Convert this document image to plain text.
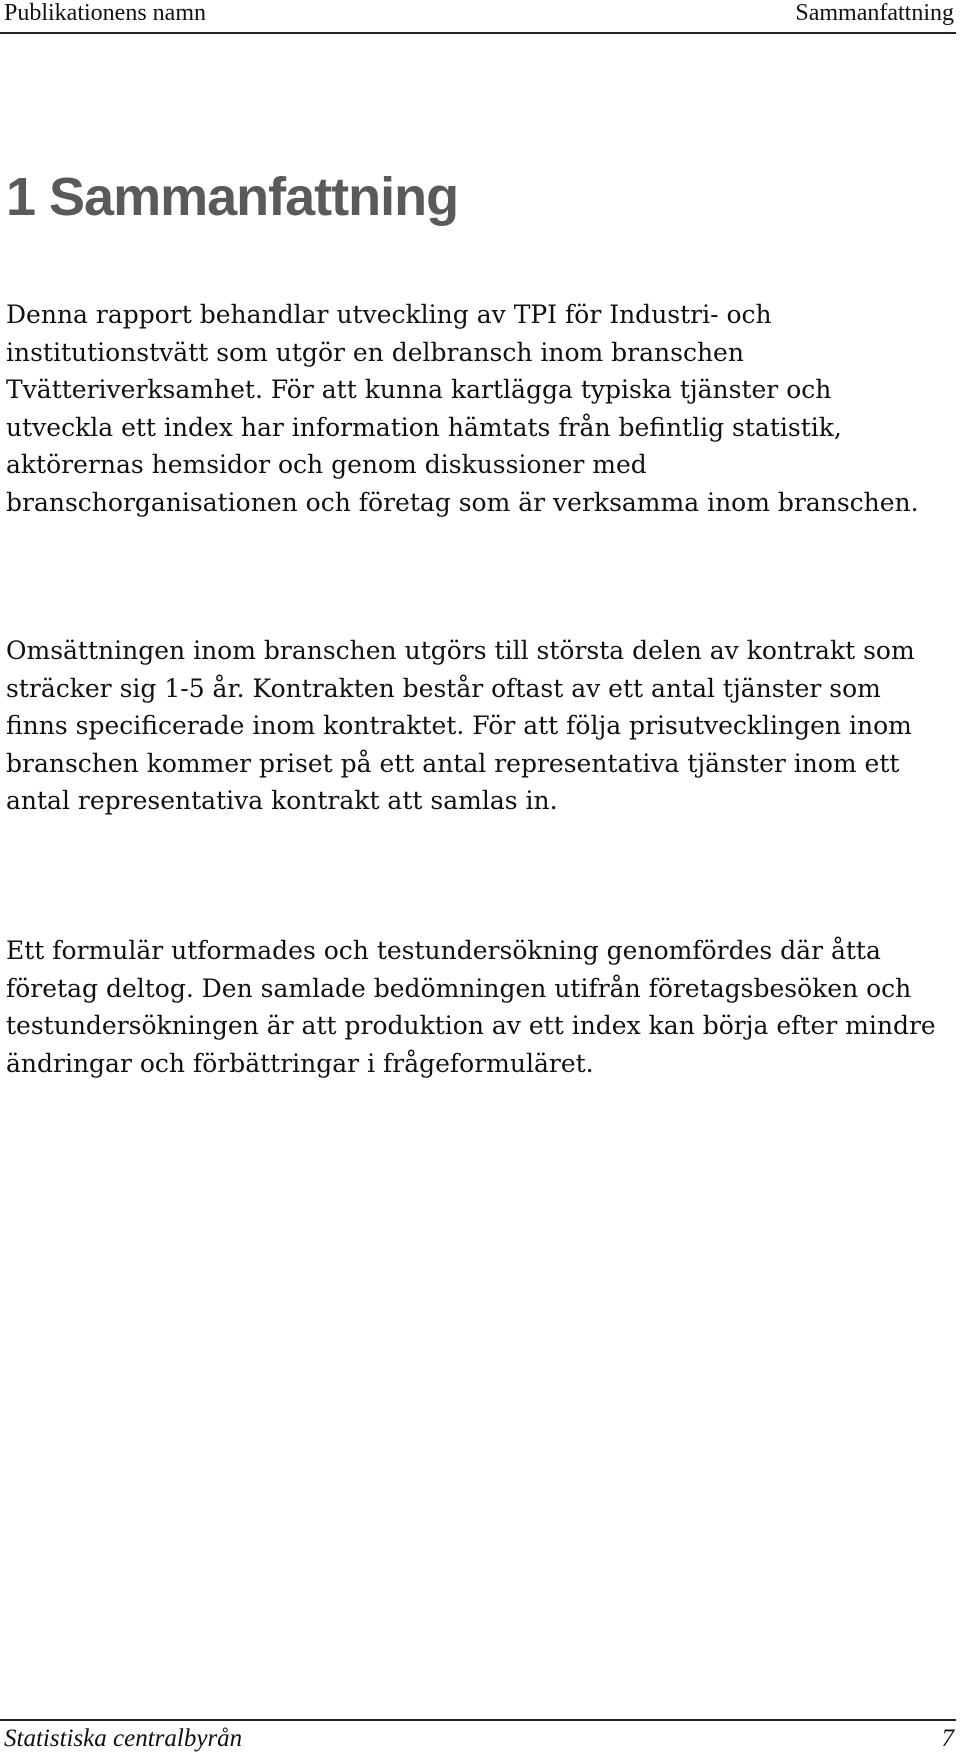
Publikationens namn	Sammanfattning
1 Sammanfattning

Denna rapport behandlar utveckling av TPI för Industri- och institutionstvätt som utgör en delbransch inom branschen Tvätteriverksamhet. För att kunna kartlägga typiska tjänster och utveckla ett index har information hämtats från befintlig statistik, aktörernas hemsidor och genom diskussioner med branschorganisationen och företag som är verksamma inom branschen.

Omsättningen inom branschen utgörs till största delen av kontrakt som sträcker sig 1-5 år. Kontrakten består oftast av ett antal tjänster som finns specificerade inom kontraktet. För att följa prisutvecklingen inom branschen kommer priset på ett antal representativa tjänster inom ett antal representativa kontrakt att samlas in.

Ett formulär utformades och testundersökning genomfördes där åtta företag deltog. Den samlade bedömningen utifrån företagsbesöken och testundersökningen är att produktion av ett index kan börja efter mindre ändringar och förbättringar i frågeformuläret.

Statistiska centralbyrån	7
